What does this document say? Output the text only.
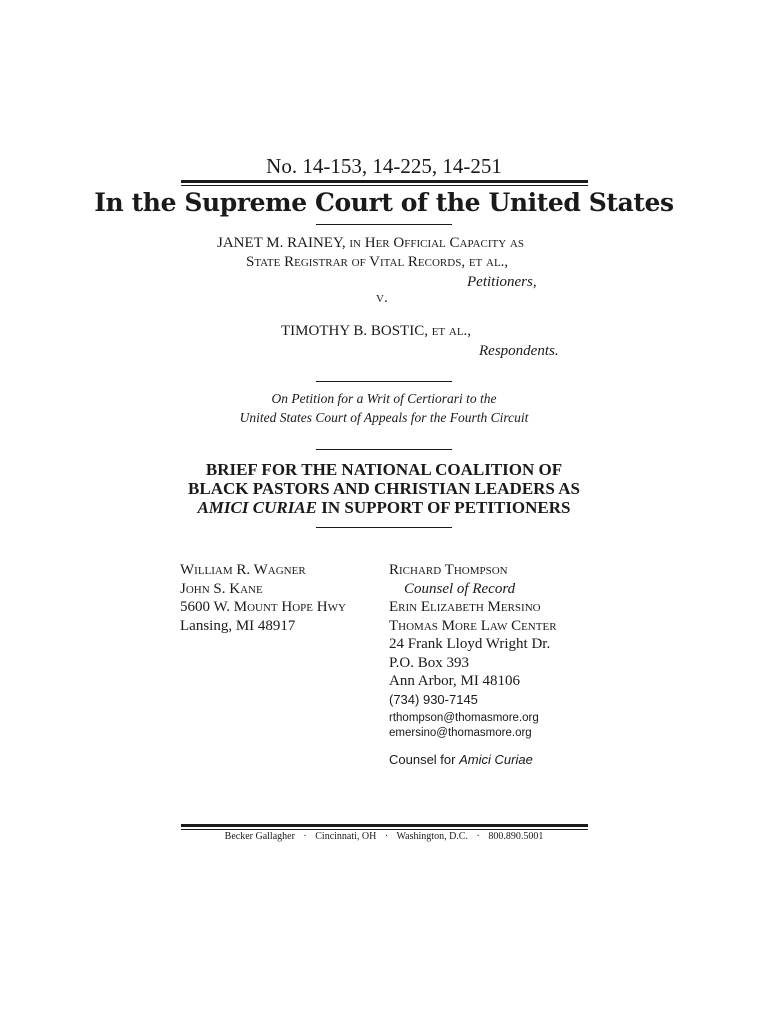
No. 14-153, 14-225, 14-251
In the Supreme Court of the United States
JANET M. RAINEY, in Her Official Capacity as
State Registrar of Vital Records, et al.,
Petitioners,
v.
TIMOTHY B. BOSTIC, et al.,
Respondents.
On Petition for a Writ of Certiorari to the
United States Court of Appeals for the Fourth Circuit
BRIEF FOR THE NATIONAL COALITION OF
BLACK PASTORS AND CHRISTIAN LEADERS AS
AMICI CURIAE IN SUPPORT OF PETITIONERS
William R. Wagner
John S. Kane
5600 W. Mount Hope Hwy
Lansing, MI 48917
Richard Thompson
Counsel of Record
Erin Elizabeth Mersino
Thomas More Law Center
24 Frank Lloyd Wright Dr.
P.O. Box 393
Ann Arbor, MI 48106
(734) 930-7145
rthompson@thomasmore.org
emersino@thomasmore.org
Counsel for Amici Curiae
Becker Gallagher · Cincinnati, OH · Washington, D.C. · 800.890.5001
